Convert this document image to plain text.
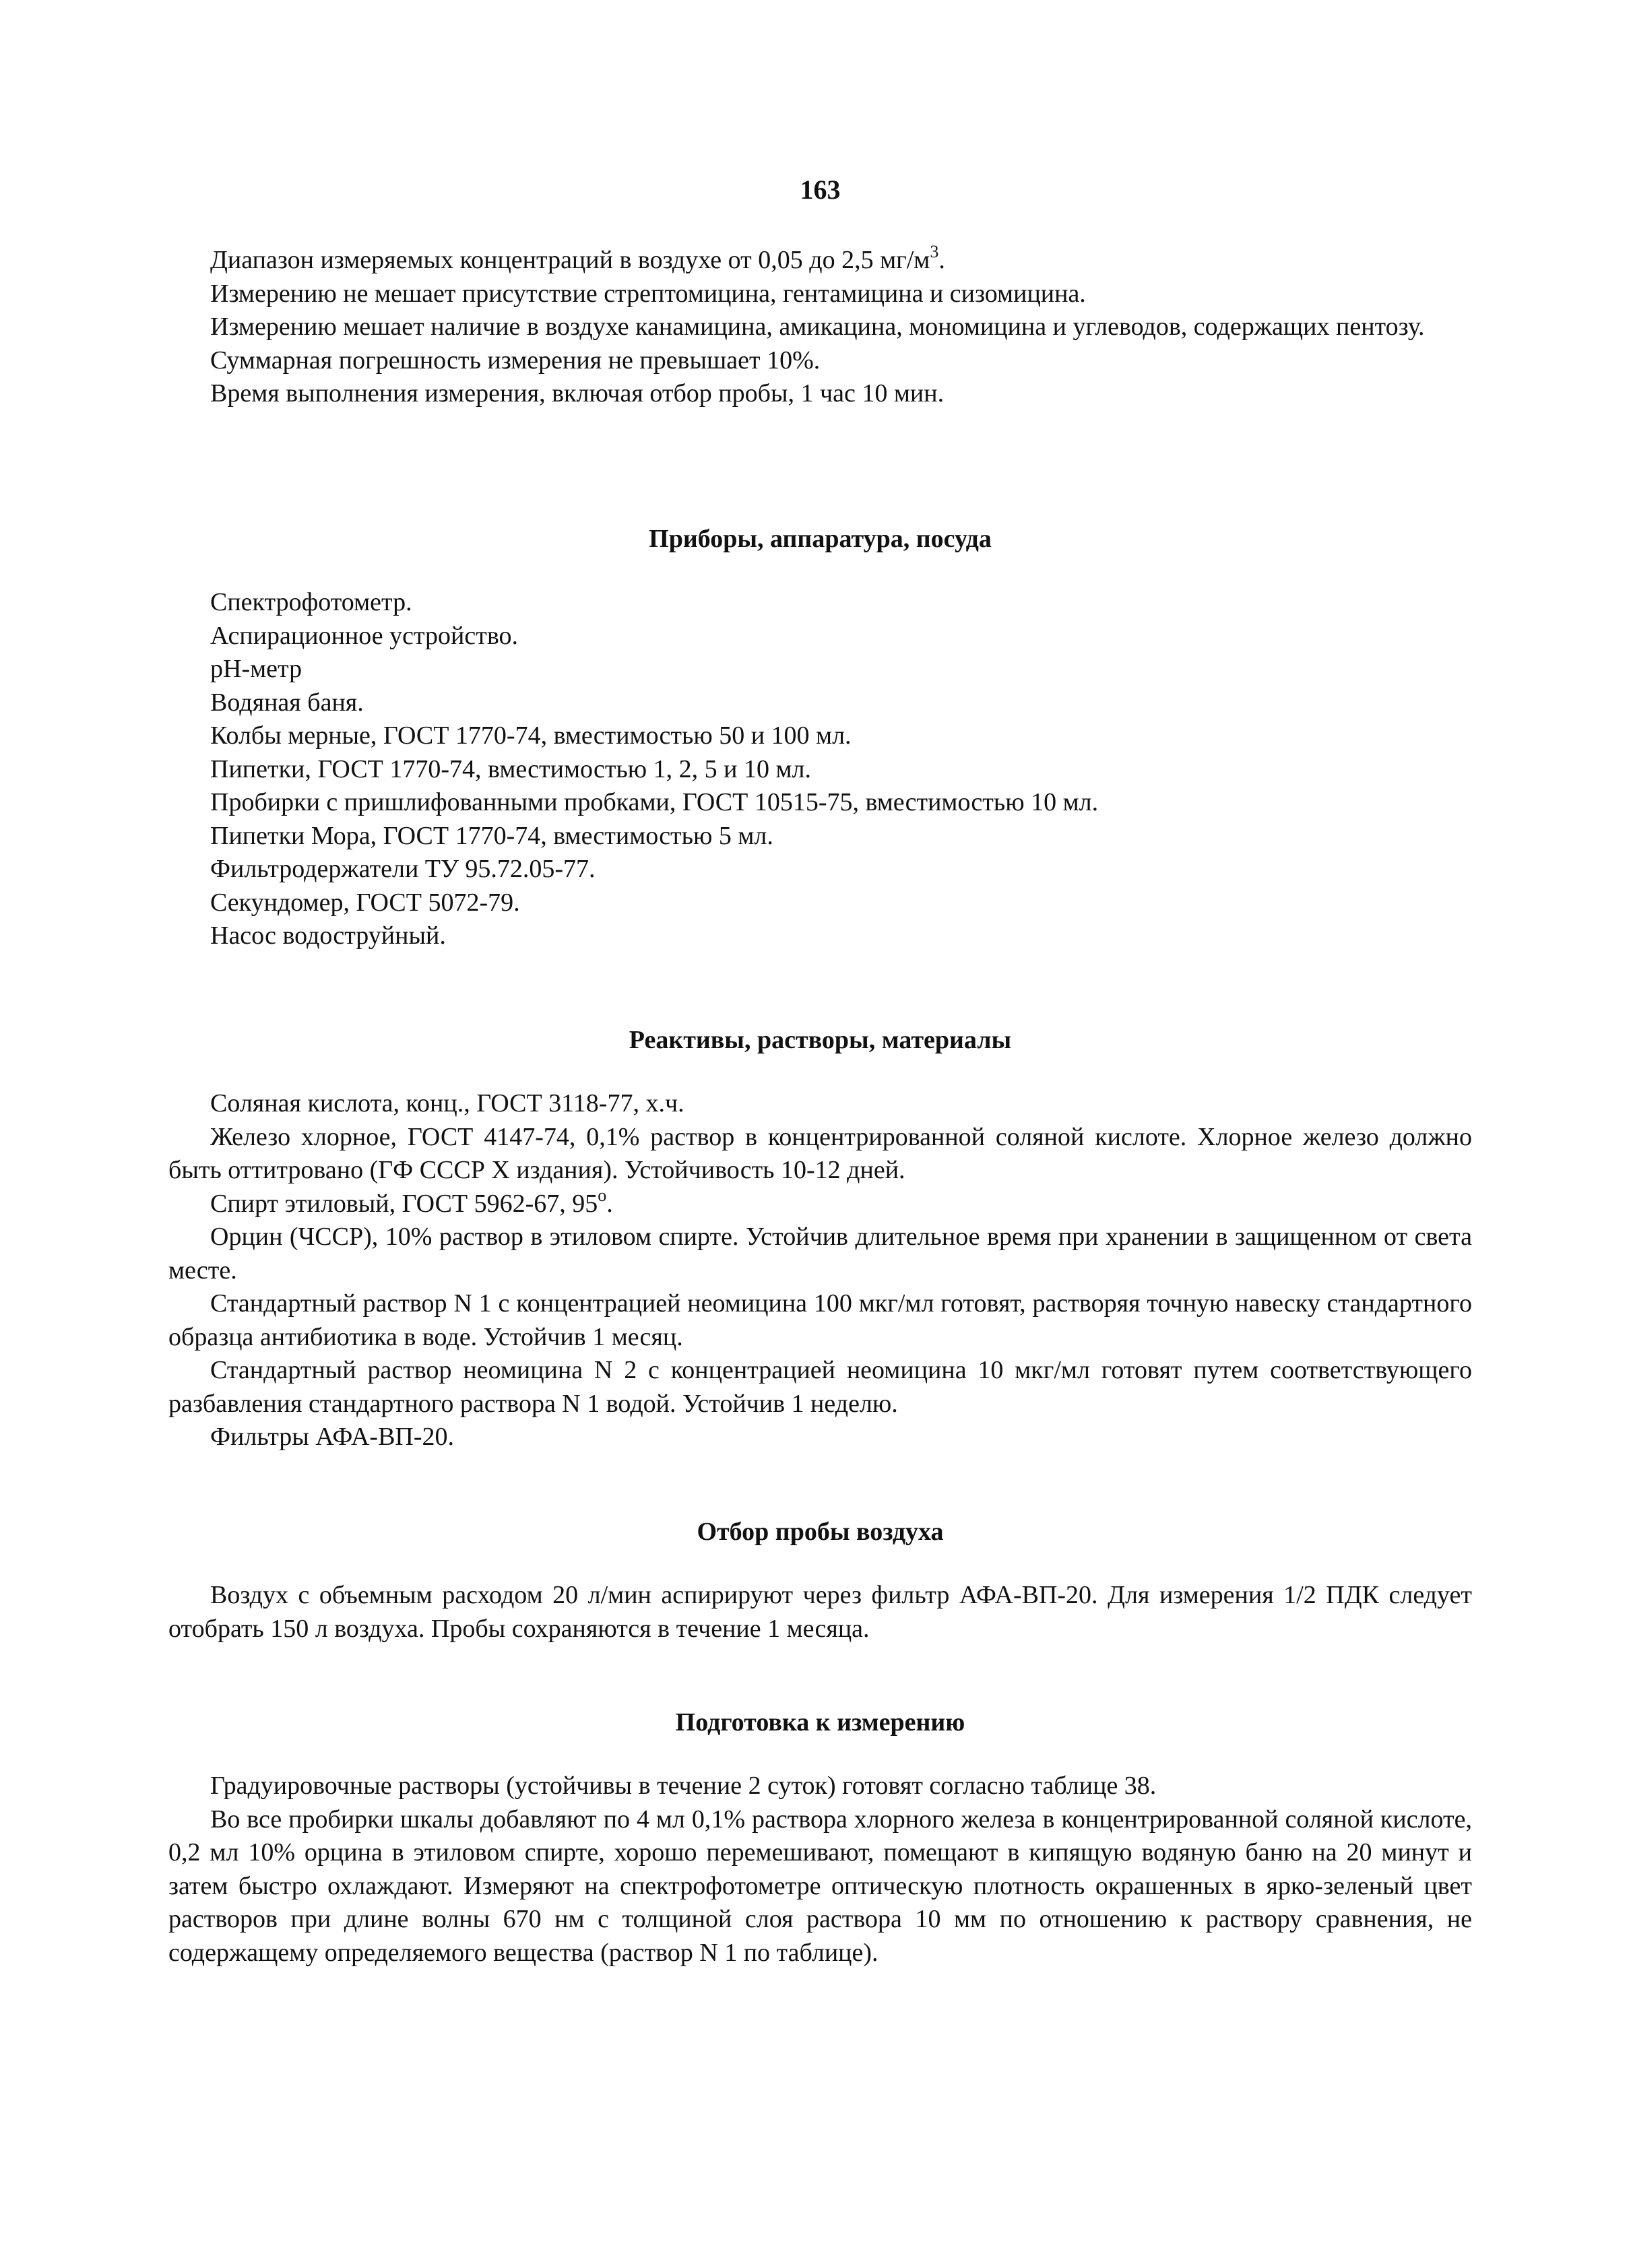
163

Диапазон измеряемых концентраций в воздухе от 0,05 до 2,5 $мг/м^3$.

Измерению не мешает присутствие стрептомицина, гентамицина и сизомицина.

Измерению мешает наличие в воздухе канамицина, амикацина, мономицина и углеводов, содержащих пентозу.

Суммарная погрешность измерения не превышает 10%.

Время выполнения измерения, включая отбор пробы, 1 час 10 мин.

Приборы, аппаратура, посуда

Спектрофотометр.

Аспирационное устройство.

pH-метр

Водяная баня.

Колбы мерные, ГОСТ 1770-74, вместимостью 50 и 100 мл.

Пипетки, ГОСТ 1770-74, вместимостью 1, 2, 5 и 10 мл.

Пробирки с пришлифованными пробками, ГОСТ 10515-75, вместимостью 10 мл.

Пипетки Мора, ГОСТ 1770-74, вместимостью 5 мл.

Фильтродержатели ТУ 95.72.05-77.

Секундомер, ГОСТ 5072-79.

Насос водоструйный.

Реактивы, растворы, материалы

Соляная кислота, конц., ГОСТ 3118-77, х.ч.

Железо хлорное, ГОСТ 4147-74, 0,1% раствор в концентрированной соляной кислоте. Хлорное железо должно быть оттитровано (ГФ СССР X издания). Устойчивость 10-12 дней.

Спирт этиловый, ГОСТ 5962-67, $95^о$.

Орцин (ЧССР), 10% раствор в этиловом спирте. Устойчив длительное время при хранении в защищенном от света месте.

Стандартный раствор N 1 с концентрацией неомицина 100 мкг/мл готовят, растворяя точную навеску стандартного образца антибиотика в воде. Устойчив 1 месяц.

Стандартный раствор неомицина N 2 с концентрацией неомицина 10 мкг/мл готовят путем соответствующего разбавления стандартного раствора N 1 водой. Устойчив 1 неделю.

Фильтры АФА-ВП-20.

Отбор пробы воздуха

Воздух с объемным расходом 20 л/мин аспирируют через фильтр АФА-ВП-20. Для измерения 1/2 ПДК следует отобрать 150 л воздуха. Пробы сохраняются в течение 1 месяца.

Подготовка к измерению

Градуировочные растворы (устойчивы в течение 2 суток) готовят согласно таблице 38.

Во все пробирки шкалы добавляют по 4 мл 0,1% раствора хлорного железа в концентрированной соляной кислоте, 0,2 мл 10% орцина в этиловом спирте, хорошо перемешивают, помещают в кипящую водяную баню на 20 минут и затем быстро охлаждают. Измеряют на спектрофотометре оптическую плотность окрашенных в ярко-зеленый цвет растворов при длине волны 670 нм с толщиной слоя раствора 10 мм по отношению к раствору сравнения, не содержащему определяемого вещества (раствор N 1 по таблице).
